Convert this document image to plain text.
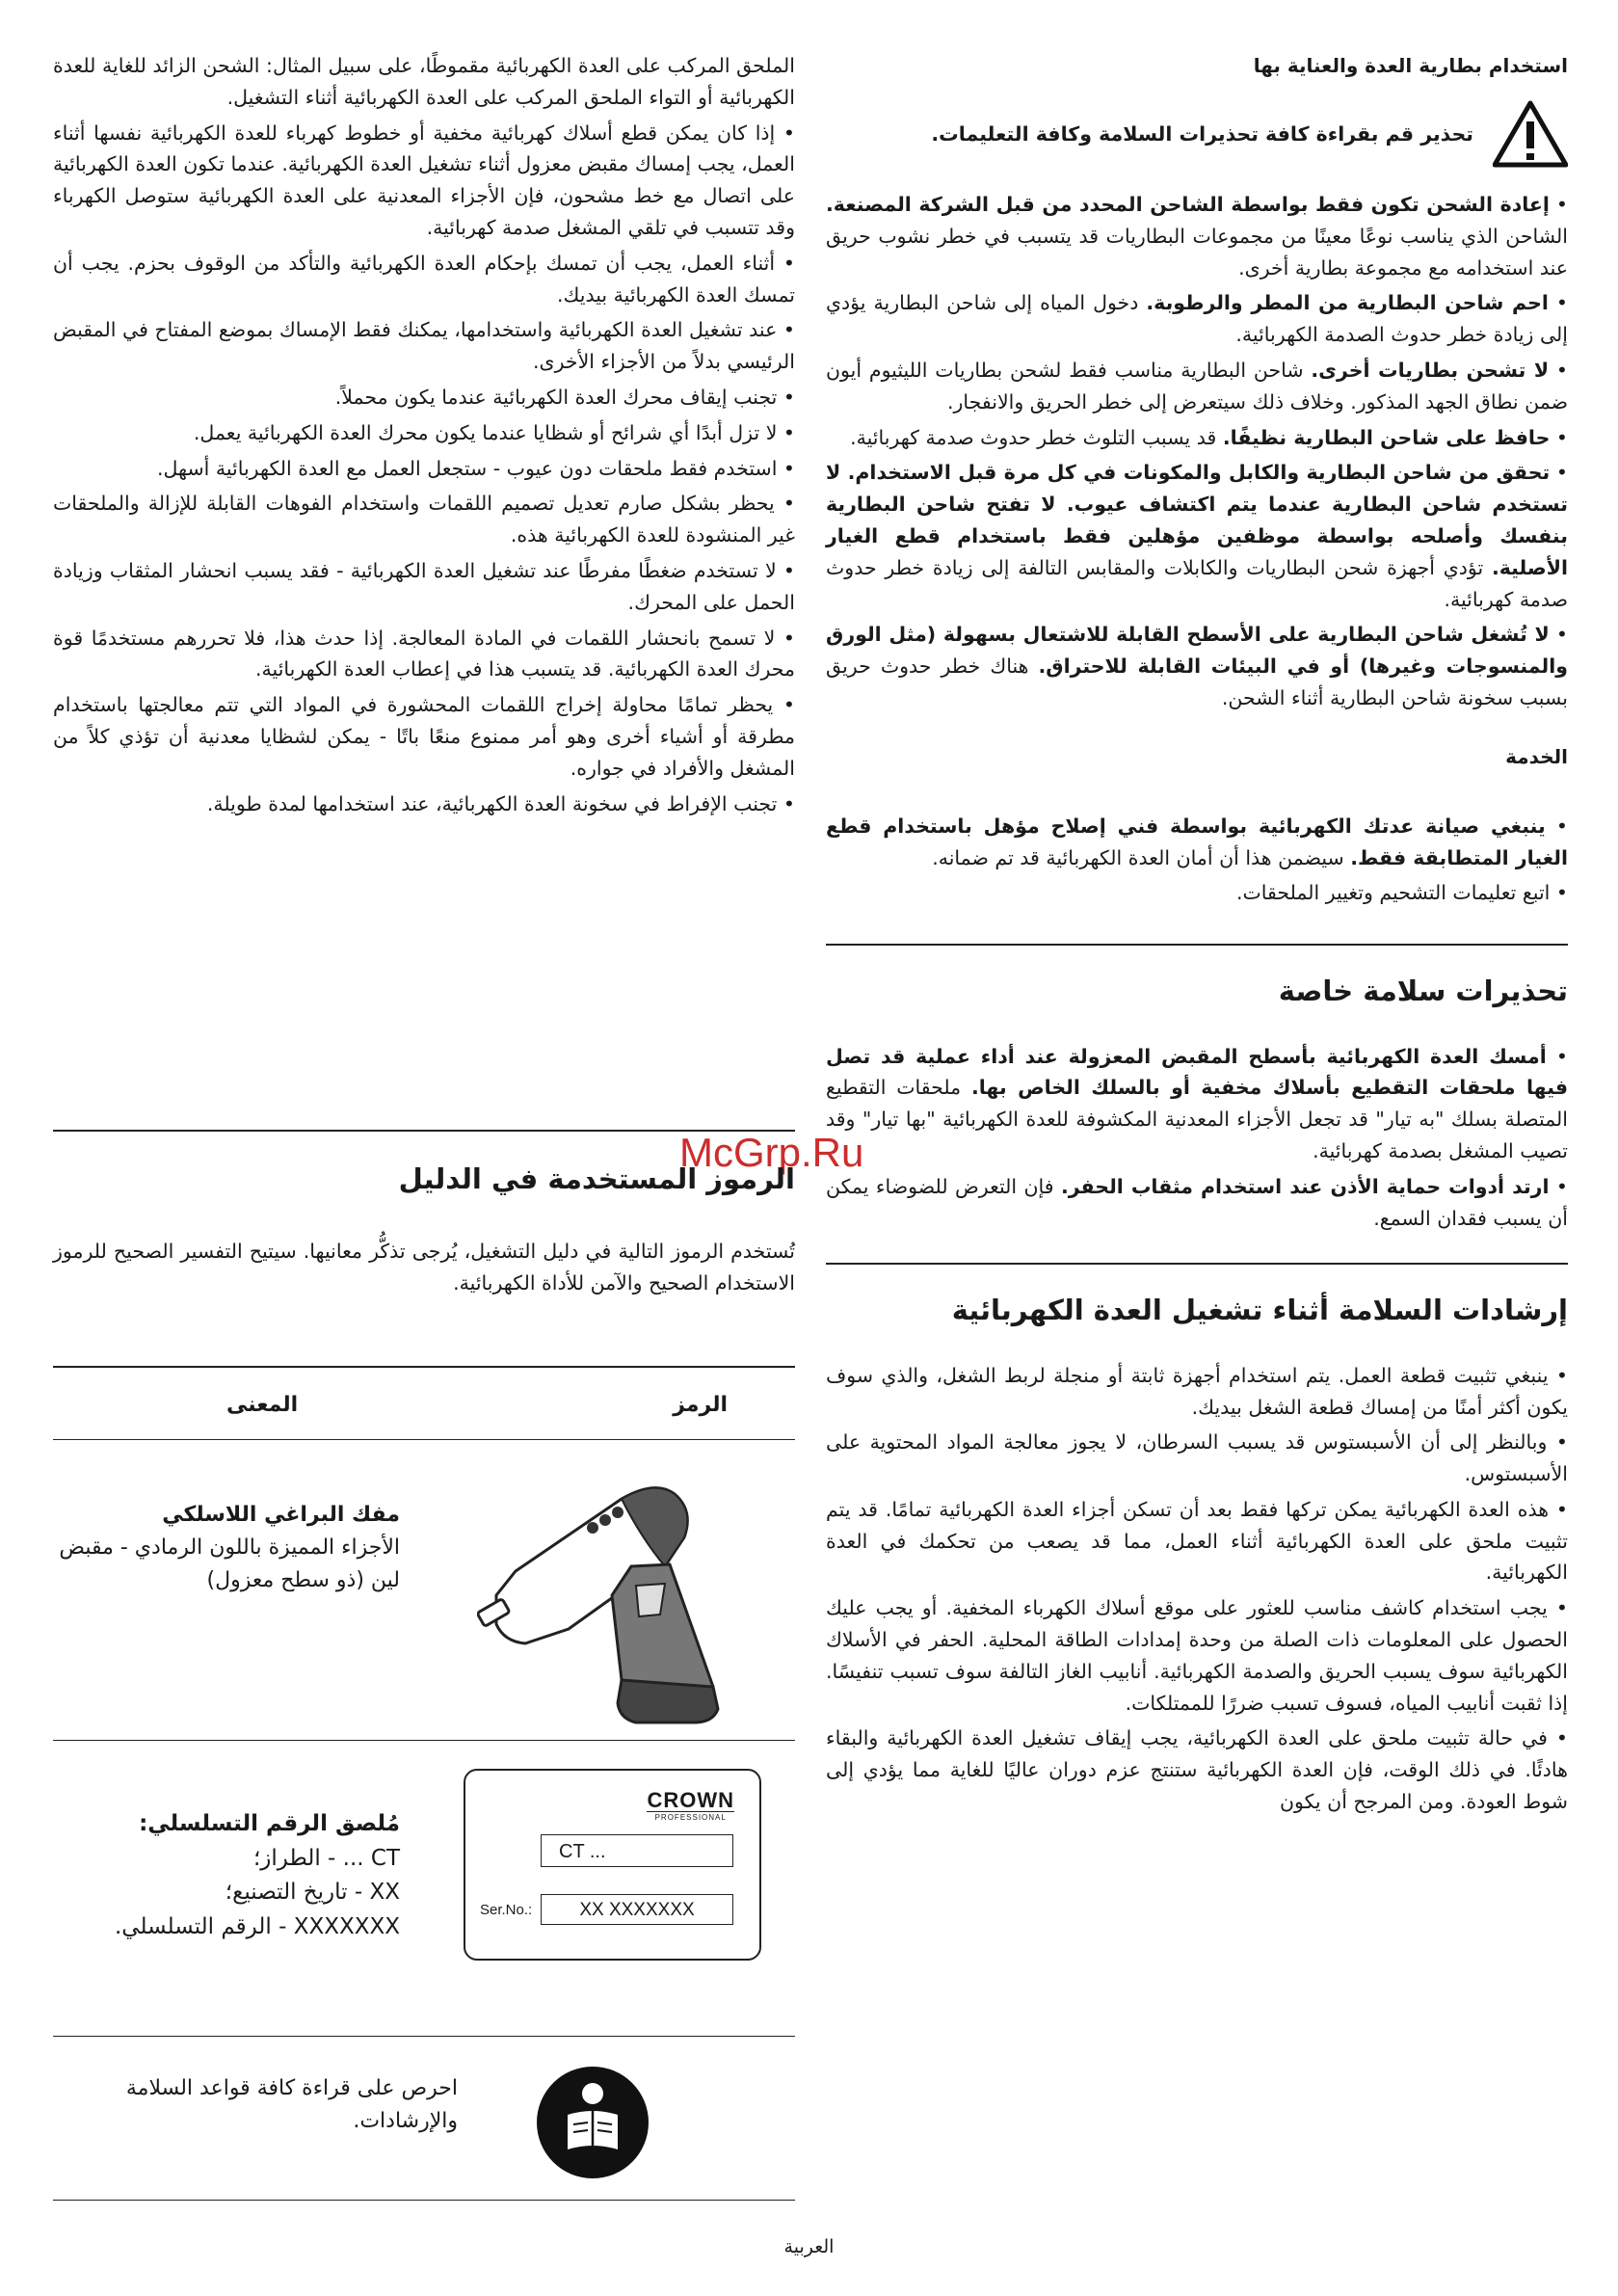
استخدام بطارية العدة والعناية بها
تحذير قم بقراءة كافة تحذيرات السلامة وكافة التعليمات.

• إعادة الشحن تكون فقط بواسطة الشاحن المحدد من قبل الشركة المصنعة. الشاحن الذي يناسب نوعًا معينًا من مجموعات البطاريات قد يتسبب في خطر نشوب حريق عند استخدامه مع مجموعة بطارية أخرى.

• احم شاحن البطارية من المطر والرطوبة. دخول المياه إلى شاحن البطارية يؤدي إلى زيادة خطر حدوث الصدمة الكهربائية.

• لا تشحن بطاريات أخرى. شاحن البطارية مناسب فقط لشحن بطاريات الليثيوم أيون ضمن نطاق الجهد المذكور. وخلاف ذلك سيتعرض إلى خطر الحريق والانفجار.

• حافظ على شاحن البطارية نظيفًا. قد يسبب التلوث خطر حدوث صدمة كهربائية.

• تحقق من شاحن البطارية والكابل والمكونات في كل مرة قبل الاستخدام. لا تستخدم شاحن البطارية عندما يتم اكتشاف عيوب. لا تفتح شاحن البطارية بنفسك وأصلحه بواسطة موظفين مؤهلين فقط باستخدام قطع الغيار الأصلية. تؤدي أجهزة شحن البطاريات والكابلات والمقابس التالفة إلى زيادة خطر حدوث صدمة كهربائية.

• لا تُشغل شاحن البطارية على الأسطح القابلة للاشتعال بسهولة (مثل الورق والمنسوجات وغيرها) أو في البيئات القابلة للاحتراق. هناك خطر حدوث حريق بسبب سخونة شاحن البطارية أثناء الشحن.

الخدمة

• ينبغي صيانة عدتك الكهربائية بواسطة فني إصلاح مؤهل باستخدام قطع الغيار المتطابقة فقط. سيضمن هذا أن أمان العدة الكهربائية قد تم ضمانه.

• اتبع تعليمات التشحيم وتغيير الملحقات.

تحذيرات سلامة خاصة

• أمسك العدة الكهربائية بأسطح المقبض المعزولة عند أداء عملية قد تصل فيها ملحقات التقطيع بأسلاك مخفية أو بالسلك الخاص بها. ملحقات التقطيع المتصلة بسلك "به تيار" قد تجعل الأجزاء المعدنية المكشوفة للعدة الكهربائية "بها تيار" وقد تصيب المشغل بصدمة كهربائية.

• ارتد أدوات حماية الأذن عند استخدام مثقاب الحفر. فإن التعرض للضوضاء يمكن أن يسبب فقدان السمع.

إرشادات السلامة أثناء تشغيل العدة الكهربائية

• ينبغي تثبيت قطعة العمل. يتم استخدام أجهزة ثابتة أو منجلة لربط الشغل، والذي سوف يكون أكثر أمنًا من إمساك قطعة الشغل بيديك.

• وبالنظر إلى أن الأسبستوس قد يسبب السرطان، لا يجوز معالجة المواد المحتوية على الأسبستوس.

• هذه العدة الكهربائية يمكن تركها فقط بعد أن تسكن أجزاء العدة الكهربائية تمامًا. قد يتم تثبيت ملحق على العدة الكهربائية أثناء العمل، مما قد يصعب من تحكمك في العدة الكهربائية.

• يجب استخدام كاشف مناسب للعثور على موقع أسلاك الكهرباء المخفية. أو يجب عليك الحصول على المعلومات ذات الصلة من وحدة إمدادات الطاقة المحلية. الحفر في الأسلاك الكهربائية سوف يسبب الحريق والصدمة الكهربائية. أنابيب الغاز التالفة سوف تسبب تنفيسًا. إذا ثقبت أنابيب المياه، فسوف تسبب ضررًا للممتلكات.

• في حالة تثبيت ملحق على العدة الكهربائية، يجب إيقاف تشغيل العدة الكهربائية والبقاء هادئًا. في ذلك الوقت، فإن العدة الكهربائية ستنتج عزم دوران عاليًا للغاية مما يؤدي إلى شوط العودة. ومن المرجح أن يكون

الملحق المركب على العدة الكهربائية مقموطًا، على سبيل المثال: الشحن الزائد للغاية للعدة الكهربائية أو التواء الملحق المركب على العدة الكهربائية أثناء التشغيل.

• إذا كان يمكن قطع أسلاك كهربائية مخفية أو خطوط كهرباء للعدة الكهربائية نفسها أثناء العمل، يجب إمساك مقبض معزول أثناء تشغيل العدة الكهربائية. عندما تكون العدة الكهربائية على اتصال مع خط مشحون، فإن الأجزاء المعدنية على العدة الكهربائية ستوصل الكهرباء وقد تتسبب في تلقي المشغل صدمة كهربائية.

• أثناء العمل، يجب أن تمسك بإحكام العدة الكهربائية والتأكد من الوقوف بحزم. يجب أن تمسك العدة الكهربائية بيديك.

• عند تشغيل العدة الكهربائية واستخدامها، يمكنك فقط الإمساك بموضع المفتاح في المقبض الرئيسي بدلاً من الأجزاء الأخرى.

• تجنب إيقاف محرك العدة الكهربائية عندما يكون محملاً.

• لا تزل أبدًا أي شرائح أو شظايا عندما يكون محرك العدة الكهربائية يعمل.

• استخدم فقط ملحقات دون عيوب - ستجعل العمل مع العدة الكهربائية أسهل.

• يحظر بشكل صارم تعديل تصميم اللقمات واستخدام الفوهات القابلة للإزالة والملحقات غير المنشودة للعدة الكهربائية هذه.

• لا تستخدم ضغطًا مفرطًا عند تشغيل العدة الكهربائية - فقد يسبب انحشار المثقاب وزيادة الحمل على المحرك.

• لا تسمح بانحشار اللقمات في المادة المعالجة. إذا حدث هذا، فلا تحررهم مستخدمًا قوة محرك العدة الكهربائية. قد يتسبب هذا في إعطاب العدة الكهربائية.

• يحظر تمامًا محاولة إخراج اللقمات المحشورة في المواد التي تتم معالجتها باستخدام مطرقة أو أشياء أخرى وهو أمر ممنوع منعًا باتًا - يمكن لشظايا معدنية أن تؤذي كلاً من المشغل والأفراد في جواره.

• تجنب الإفراط في سخونة العدة الكهربائية، عند استخدامها لمدة طويلة.

McGrp.Ru
الرموز المستخدمة في الدليل

تُستخدم الرموز التالية في دليل التشغيل، يُرجى تذكُّر معانيها. سيتيح التفسير الصحيح للرموز الاستخدام الصحيح والآمن للأداة الكهربائية.

الرمز
المعنى
مفك البراغي اللاسلكي
الأجزاء المميزة باللون الرمادي - مقبض لين (ذو سطح معزول)
CROWN
PROFESSIONAL
CT ...
Ser.No.:	XX XXXXXXX
مُلصق الرقم التسلسلي:
CT ... - الطراز؛
XX - تاريخ التصنيع؛
XXXXXXX - الرقم التسلسلي.
احرص على قراءة كافة قواعد السلامة والإرشادات.
العربية
